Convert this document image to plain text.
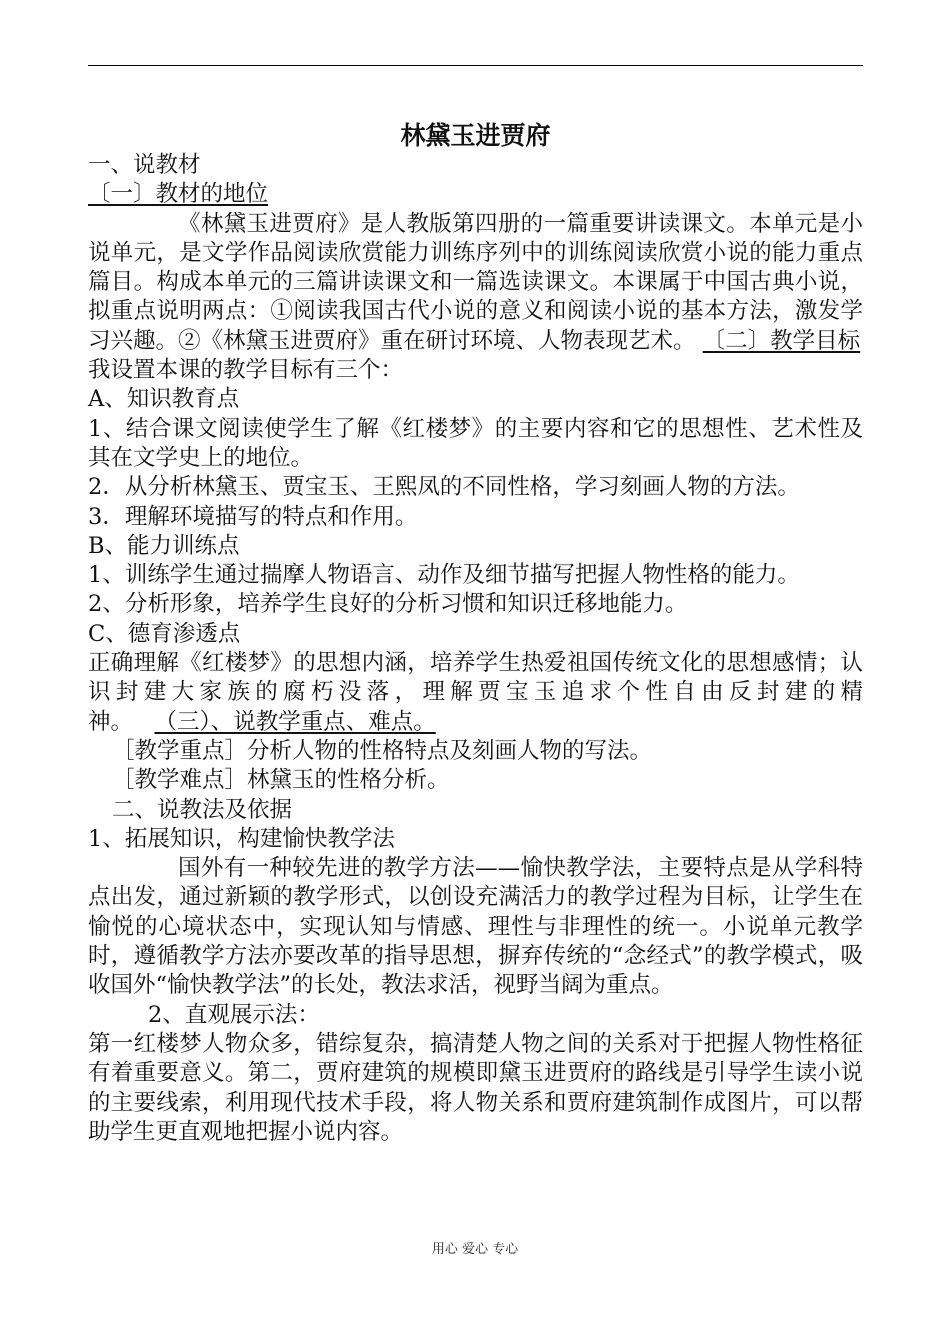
林黛玉进贾府

一、说教材

〔一〕教材的地位

《林黛玉进贾府》是人教版第四册的一篇重要讲读课文。本单元是小说单元，是文学作品阅读欣赏能力训练序列中的训练阅读欣赏小说的能力重点篇目。构成本单元的三篇讲读课文和一篇选读课文。本课属于中国古典小说，拟重点说明两点：①阅读我国古代小说的意义和阅读小说的基本方法，激发学习兴趣。②《林黛玉进贾府》重在研讨环境、人物表现艺术。 〔二〕教学目标

我设置本课的教学目标有三个：

A、知识教育点

1、结合课文阅读使学生了解《红楼梦》的主要内容和它的思想性、艺术性及其在文学史上的地位。

2．从分析林黛玉、贾宝玉、王熙凤的不同性格，学习刻画人物的方法。

3．理解环境描写的特点和作用。

B、能力训练点

1、训练学生通过揣摩人物语言、动作及细节描写把握人物性格的能力。

2、分析形象，培养学生良好的分析习惯和知识迁移地能力。

C、德育渗透点

正确理解《红楼梦》的思想内涵，培养学生热爱祖国传统文化的思想感情；认识封建大家族的腐朽没落，理解贾宝玉追求个性自由反封建的精神。 （三）、说教学重点、难点。

［教学重点］分析人物的性格特点及刻画人物的写法。

［教学难点］林黛玉的性格分析。

二、说教法及依据

1、拓展知识，构建愉快教学法

国外有一种较先进的教学方法——愉快教学法，主要特点是从学科特点出发，通过新颖的教学形式，以创设充满活力的教学过程为目标，让学生在愉悦的心境状态中，实现认知与情感、理性与非理性的统一。小说单元教学时，遵循教学方法亦要改革的指导思想，摒弃传统的“念经式”的教学模式，吸收国外“愉快教学法”的长处，教法求活，视野当阔为重点。

2、直观展示法：

第一红楼梦人物众多，错综复杂，搞清楚人物之间的关系对于把握人物性格征有着重要意义。第二，贾府建筑的规模即黛玉进贾府的路线是引导学生读小说的主要线索，利用现代技术手段，将人物关系和贾府建筑制作成图片，可以帮助学生更直观地把握小说内容。

用心 爱心 专心
